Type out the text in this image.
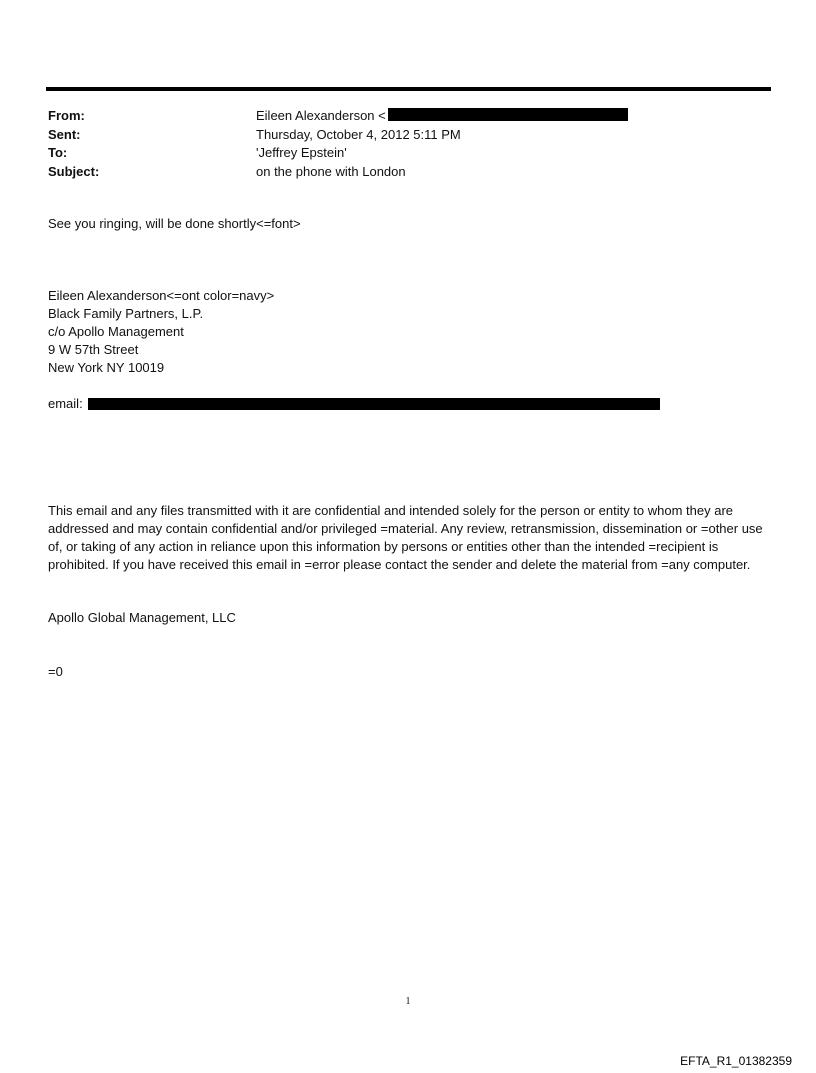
From:	Eileen Alexanderson <
Sent:	Thursday, October 4, 2012 5:11 PM
To:	'Jeffrey Epstein'
Subject:	on the phone with London
See you ringing, will be done shortly<=font>
Eileen Alexanderson<=ont color=navy>
Black Family Partners, L.P.
c/o Apollo Management
9 W 57th Street
New York NY 10019
email:
This email and any files transmitted with it are confidential and intended solely for the person or entity to whom they are addressed and may contain confidential and/or privileged =material. Any review, retransmission, dissemination or =other use of, or taking of any action in reliance upon this information by persons or entities other than the intended =recipient is prohibited. If you have received this email in =error please contact the sender and delete the material from =any computer.
Apollo Global Management, LLC
=0
1
EFTA_R1_01382359
